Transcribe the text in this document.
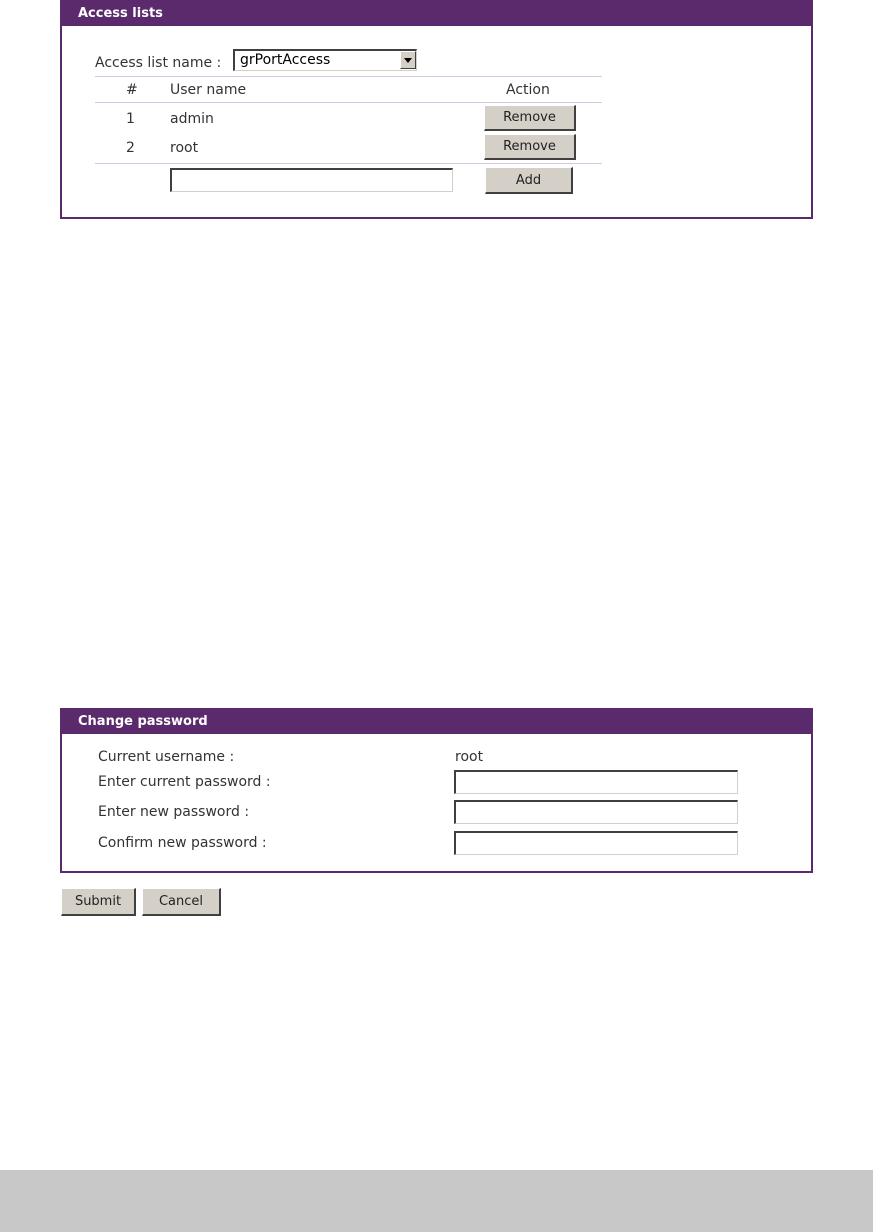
Access lists
Access list name : grPortAccess
# User name	Action
1	admin	Remove
2	root	Remove
Add
Change password
Current username :	root
Enter current password :
Enter new password :
Confirm new password :
Submit	Cancel
